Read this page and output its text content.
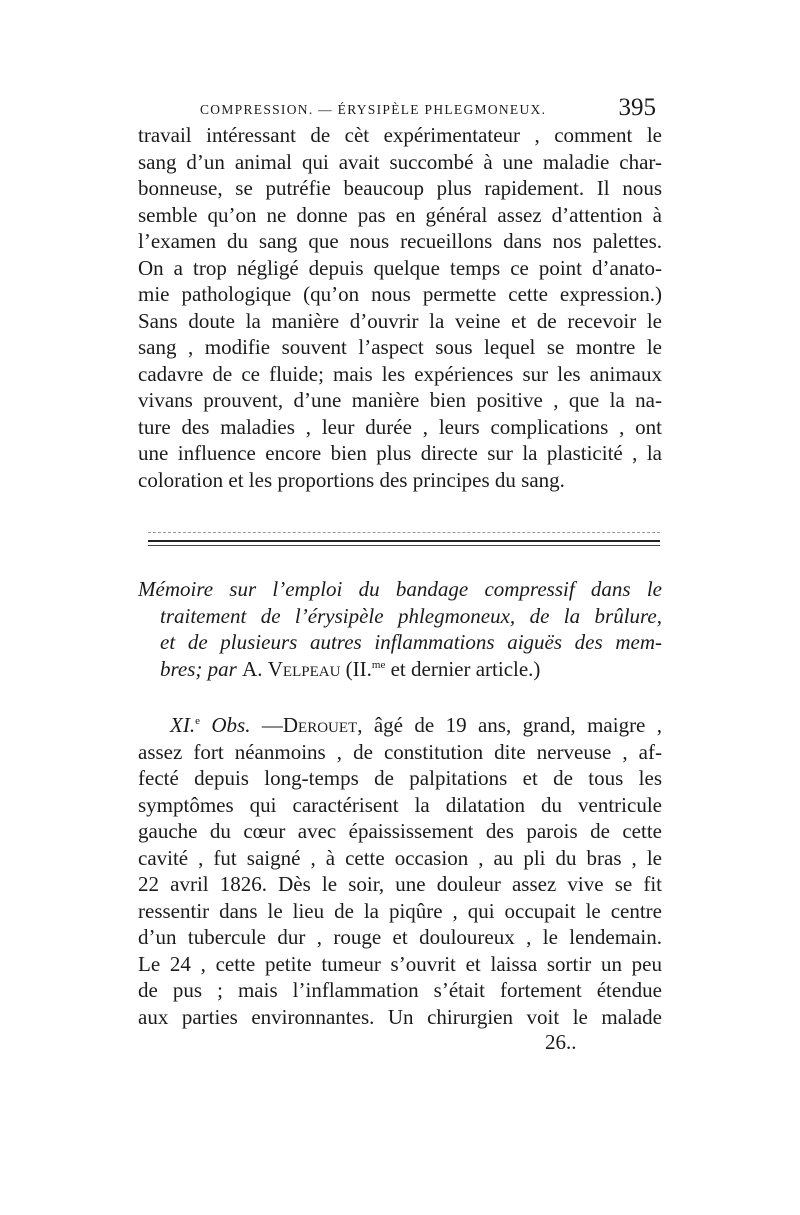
COMPRESSION. — ÉRYSIPÈLE PHLEGMONEUX.	395
travail intéressant de cèt expérimentateur , comment le
sang d’un animal qui avait succombé à une maladie char-
bonneuse, se putréfie beaucoup plus rapidement. Il nous
semble qu’on ne donne pas en général assez d’attention à
l’examen du sang que nous recueillons dans nos palettes.
On a trop négligé depuis quelque temps ce point d’anato-
mie pathologique (qu’on nous permette cette expression.)
Sans doute la manière d’ouvrir la veine et de recevoir le
sang , modifie souvent l’aspect sous lequel se montre le
cadavre de ce fluide; mais les expériences sur les animaux
vivans prouvent, d’une manière bien positive , que la na-
ture des maladies , leur durée , leurs complications , ont
une influence encore bien plus directe sur la plasticité , la
coloration et les proportions des principes du sang.
Mémoire sur l’emploi du bandage compressif dans le
traitement de l’érysipèle phlegmoneux, de la brûlure,
et de plusieurs autres inflammations aiguës des mem-
bres; par A. Velpeau (II.$^{me}$ et dernier article.)
XI.$^e$ Obs. —Derouet, âgé de 19 ans, grand, maigre ,
assez fort néanmoins , de constitution dite nerveuse , af-
fecté depuis long-temps de palpitations et de tous les
symptômes qui caractérisent la dilatation du ventricule
gauche du cœur avec épaississement des parois de cette
cavité , fut saigné , à cette occasion , au pli du bras , le
22 avril 1826. Dès le soir, une douleur assez vive se fit
ressentir dans le lieu de la piqûre , qui occupait le centre
d’un tubercule dur , rouge et douloureux , le lendemain.
Le 24 , cette petite tumeur s’ouvrit et laissa sortir un peu
de pus ; mais l’inflammation s’était fortement étendue
aux parties environnantes. Un chirurgien voit le malade
26..
